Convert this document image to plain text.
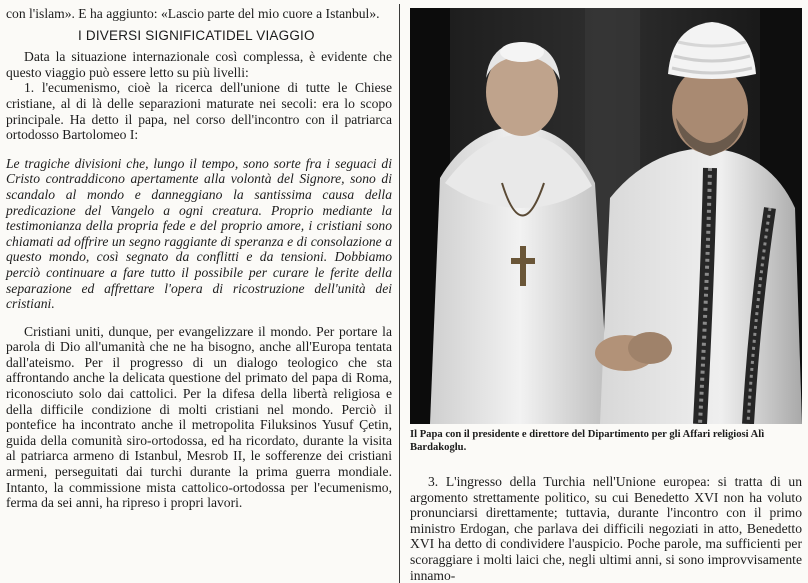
con l'islam». E ha aggiunto: «Lascio parte del mio cuore a Istanbul».

I DIVERSI SIGNIFICATIDEL VIAGGIO

Data la situazione internazionale così complessa, è evidente che questo viaggio può essere letto su più livelli:

1. l'ecumenismo, cioè la ricerca dell'unione di tutte le Chiese cristiane, al di là delle separazioni maturate nei secoli: era lo scopo principale. Ha detto il papa, nel corso dell'incontro con il patriarca ortodosso Bartolomeo I:

Le tragiche divisioni che, lungo il tempo, sono sorte fra i seguaci di Cristo contraddicono apertamente alla volontà del Signore, sono di scandalo al mondo e danneggiano la santissima causa della predicazione del Vangelo a ogni creatura. Proprio mediante la testimonianza della propria fede e del proprio amore, i cristiani sono chiamati ad offrire un segno raggiante di speranza e di consolazione a questo mondo, così segnato da conflitti e da tensioni. Dobbiamo perciò continuare a fare tutto il possibile per curare le ferite della separazione ed affrettare l'opera di ricostruzione dell'unità dei cristiani.

Cristiani uniti, dunque, per evangelizzare il mondo. Per portare la parola di Dio all'umanità che ne ha bisogno, anche all'Europa tentata dall'ateismo. Per il progresso di un dialogo teologico che sta affrontando anche la delicata questione del primato del papa di Roma, riconosciuto solo dai cattolici. Per la difesa della libertà religiosa e della difficile condizione di molti cristiani nel mondo. Perciò il pontefice ha incontrato anche il metropolita Filuksinos Yusuf Çetin, guida della comunità siro-ortodossa, ed ha ricordato, durante la visita al patriarca armeno di Istanbul, Mesrob II, le sofferenze dei cristiani armeni, perseguitati dai turchi durante la prima guerra mondiale. Intanto, la commissione mista cattolico-ortodossa per l'ecumenismo, ferma da sei anni, ha ripreso i propri lavori.

Il Papa con il presidente e direttore del Dipartimento per gli Affari religiosi Alì Bardakoglu.

3. L'ingresso della Turchia nell'Unione europea: si tratta di un argomento strettamente politico, su cui Benedetto XVI non ha voluto pronunciarsi direttamente; tuttavia, durante l'incontro con il primo ministro Erdogan, che parlava dei difficili negoziati in atto, Benedetto XVI ha detto di condividere l'auspicio. Poche parole, ma sufficienti per scoraggiare i molti laici che, negli ultimi anni, si sono improvvisamente innamo-
